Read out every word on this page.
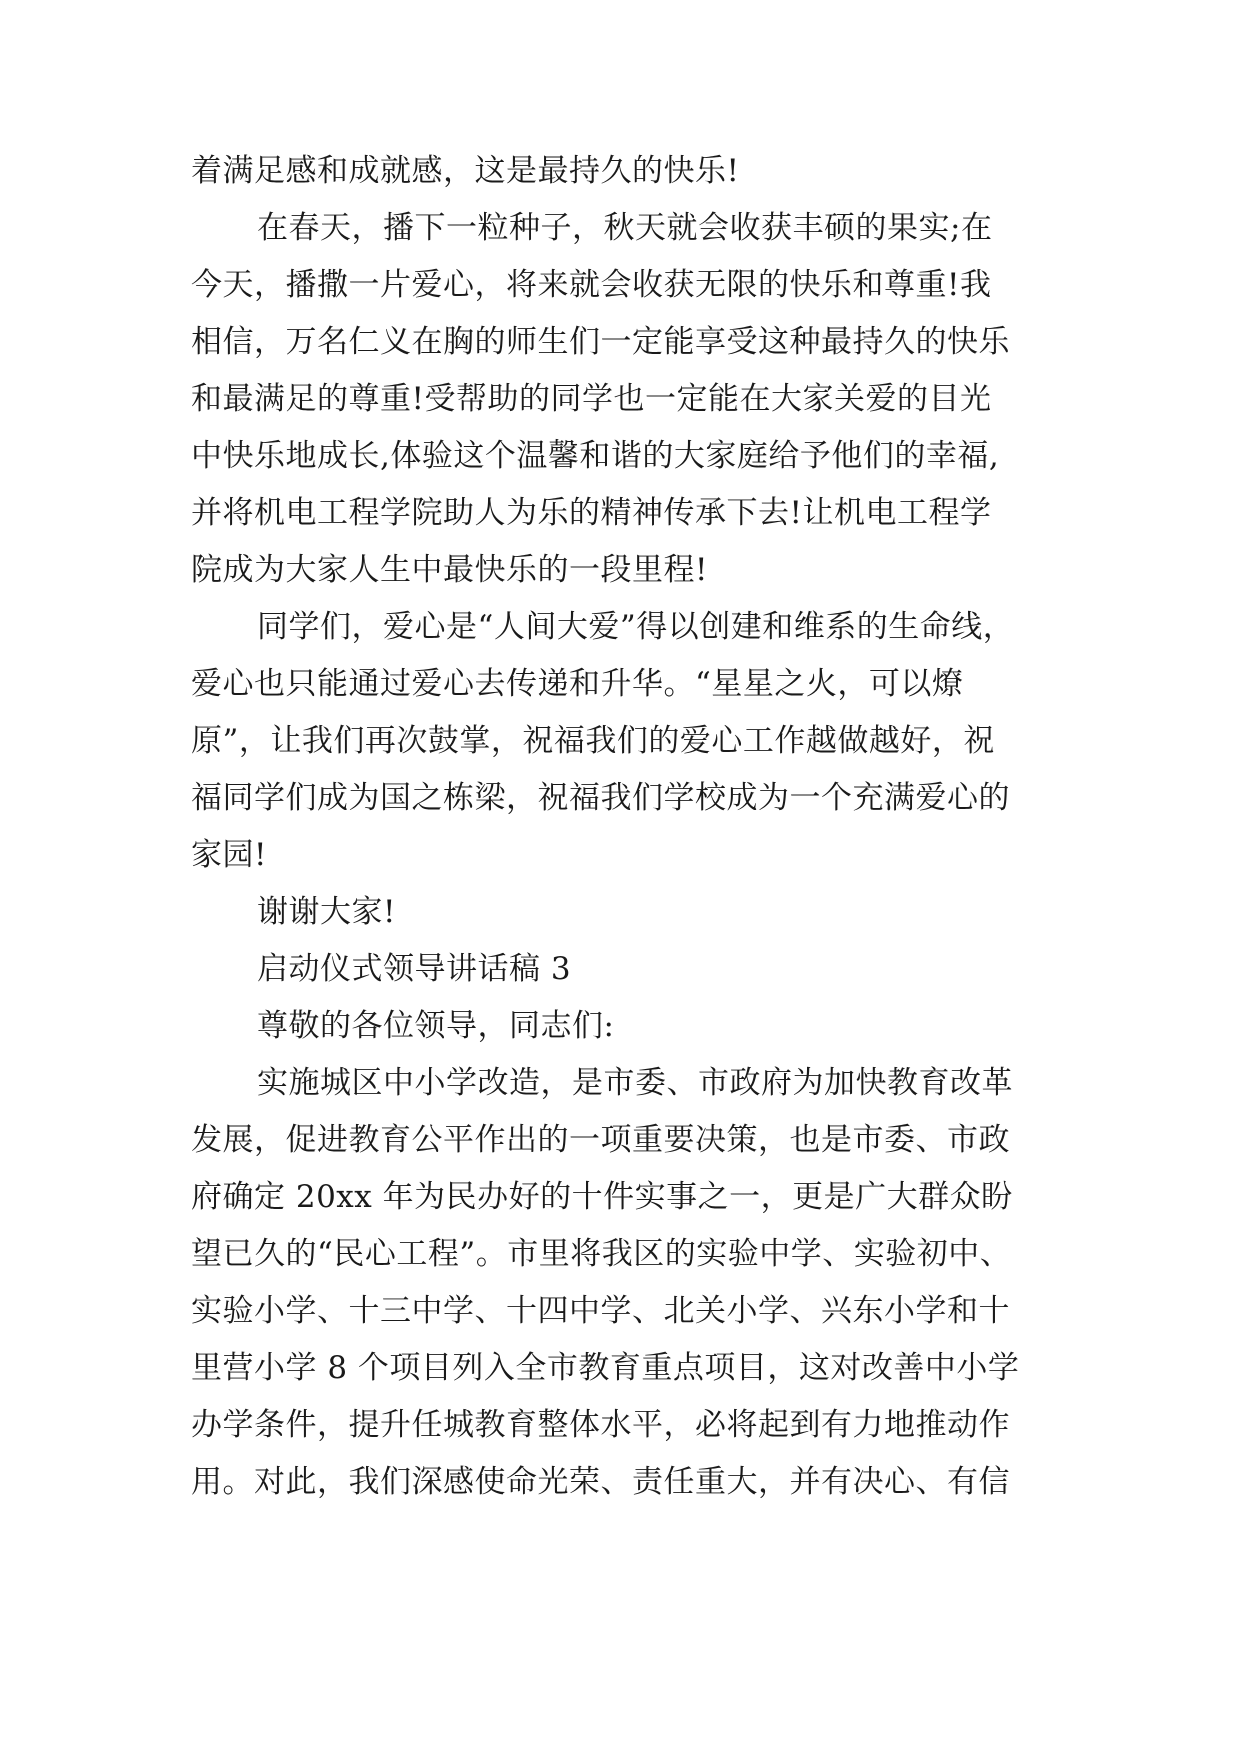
着满足感和成就感，这是最持久的快乐!

在春天，播下一粒种子，秋天就会收获丰硕的果实;在

今天，播撒一片爱心，将来就会收获无限的快乐和尊重!我

相信，万名仁义在胸的师生们一定能享受这种最持久的快乐

和最满足的尊重!受帮助的同学也一定能在大家关爱的目光

中快乐地成长,体验这个温馨和谐的大家庭给予他们的幸福,

并将机电工程学院助人为乐的精神传承下去!让机电工程学

院成为大家人生中最快乐的一段里程!

同学们，爱心是“人间大爱”得以创建和维系的生命线，

爱心也只能通过爱心去传递和升华。“星星之火，可以燎

原”，让我们再次鼓掌，祝福我们的爱心工作越做越好，祝

福同学们成为国之栋梁，祝福我们学校成为一个充满爱心的

家园!

谢谢大家!

启动仪式领导讲话稿 3

尊敬的各位领导，同志们:

实施城区中小学改造，是市委、市政府为加快教育改革

发展，促进教育公平作出的一项重要决策，也是市委、市政

府确定 20xx 年为民办好的十件实事之一，更是广大群众盼

望已久的“民心工程”。市里将我区的实验中学、实验初中、

实验小学、十三中学、十四中学、北关小学、兴东小学和十

里营小学 8 个项目列入全市教育重点项目，这对改善中小学

办学条件，提升任城教育整体水平，必将起到有力地推动作

用。对此，我们深感使命光荣、责任重大，并有决心、有信
